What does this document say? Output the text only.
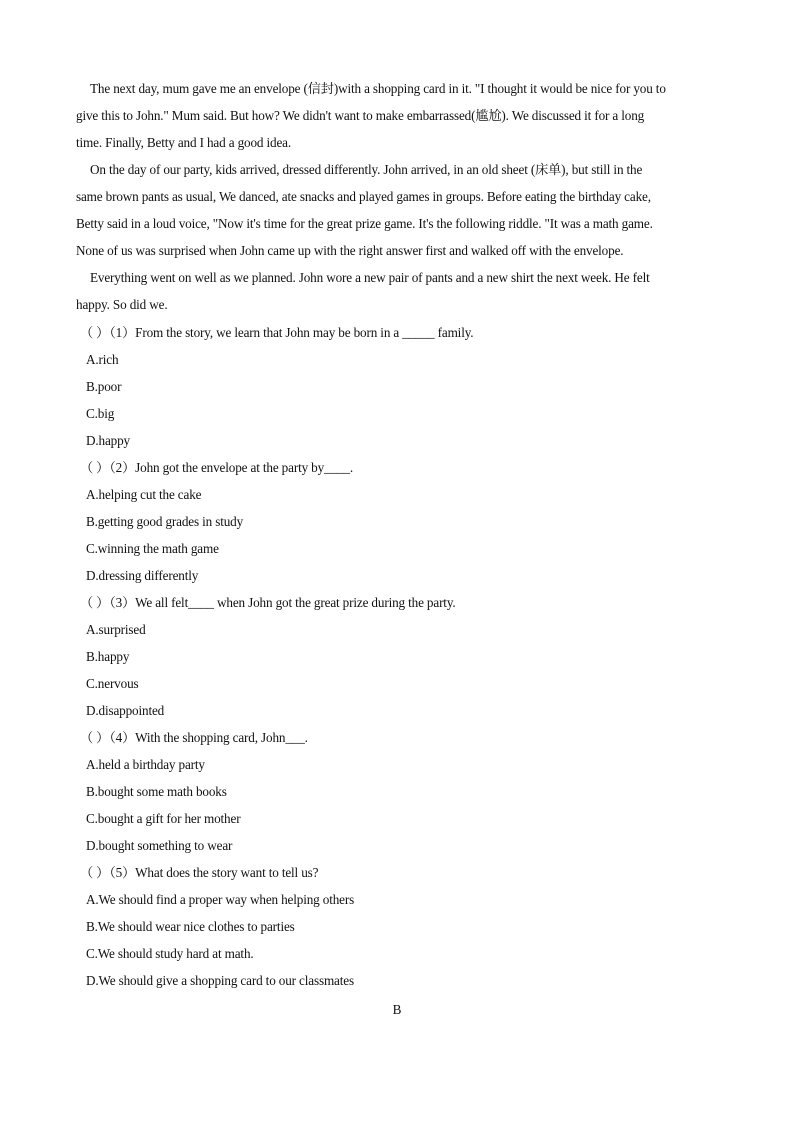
The next day, mum gave me an envelope (信封)with a shopping card in it. "I thought it would be nice for you to
give this to John." Mum said. But how? We didn't want to make embarrassed(尴尬). We discussed it for a long
time. Finally, Betty and I had a good idea.
On the day of our party, kids arrived, dressed differently. John arrived, in an old sheet (床单), but still in the
same brown pants as usual, We danced, ate snacks and played games in groups. Before eating the birthday cake,
Betty said in a loud voice, "Now it's time for the great prize game. It's the following riddle. "It was a math game.
None of us was surprised when John came up with the right answer first and walked off with the envelope.
Everything went on well as we planned. John wore a new pair of pants and a new shirt the next week. He felt
happy. So did we.
（ ）（1）From the story, we learn that John may be born in a _____ family.
A.rich
B.poor
C.big
D.happy
（ ）（2）John got the envelope at the party by____.
A.helping cut the cake
B.getting good grades in study
C.winning the math game
D.dressing differently
（ ）（3）We all felt____ when John got the great prize during the party.
A.surprised
B.happy
C.nervous
D.disappointed
（ ）（4）With the shopping card, John___.
A.held a birthday party
B.bought some math books
C.bought a gift for her mother
D.bought something to wear
（ ）（5）What does the story want to tell us?
A.We should find a proper way when helping others
B.We should wear nice clothes to parties
C.We should study hard at math.
D.We should give a shopping card to our classmates
B
